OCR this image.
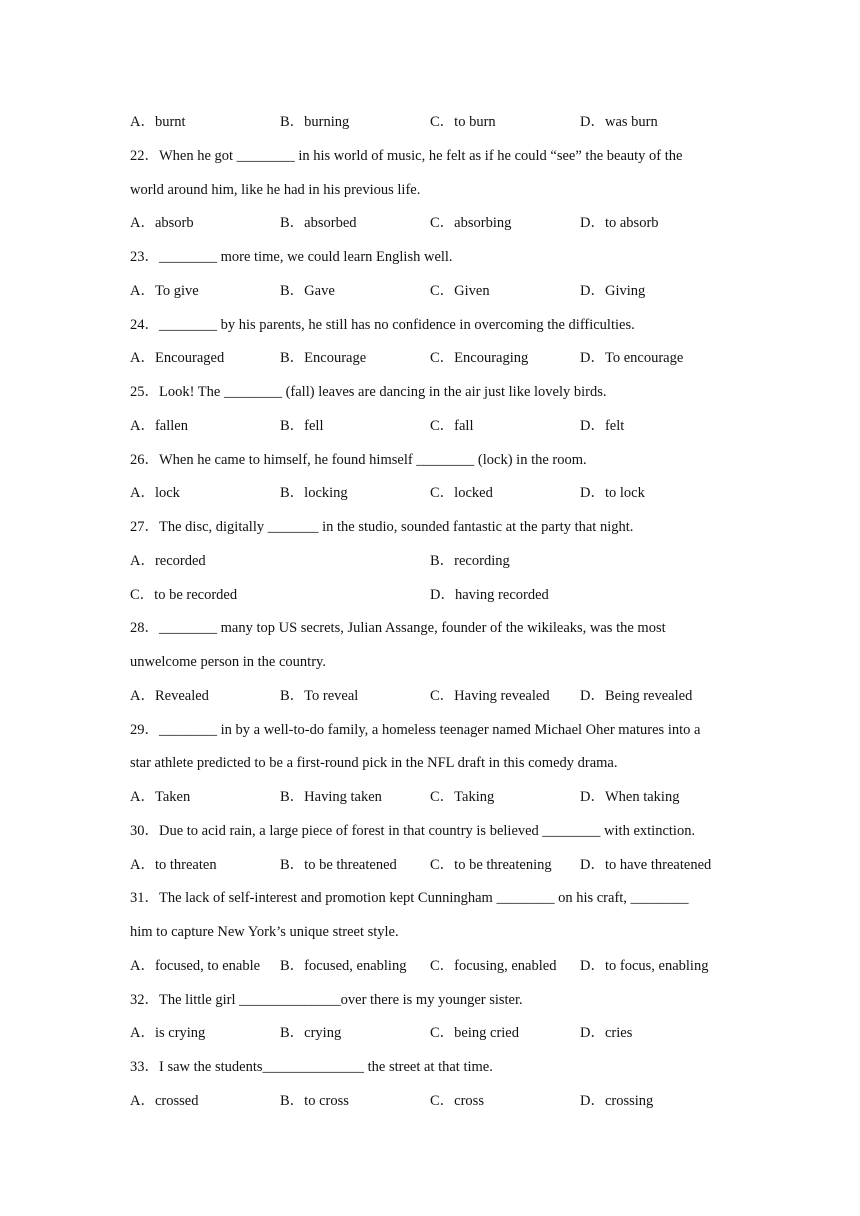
A．burnt	B．burning	C．to burn	D．was burn
22．When he got ________ in his world of music, he felt as if he could “see” the beauty of the
world around him, like he had in his previous life.
A．absorb	B．absorbed	C．absorbing	D．to absorb
23．________ more time, we could learn English well.
A．To give	B．Gave	C．Given	D．Giving
24．________ by his parents, he still has no confidence in overcoming the difficulties.
A．Encouraged	B．Encourage	C．Encouraging	D．To encourage
25．Look! The ________ (fall) leaves are dancing in the air just like lovely birds.
A．fallen	B．fell	C．fall	D．felt
26．When he came to himself, he found himself ________ (lock) in the room.
A．lock	B．locking	C．locked	D．to lock
27．The disc, digitally _______ in the studio, sounded fantastic at the party that night.
A．recorded	B．recording
C．to be recorded	D．having recorded
28．________ many top US secrets, Julian Assange, founder of the wikileaks, was the most
unwelcome person in the country.
A．Revealed	B．To reveal	C．Having revealed	D．Being revealed
29．________ in by a well-to-do family, a homeless teenager named Michael Oher matures into a
star athlete predicted to be a first-round pick in the NFL draft in this comedy drama.
A．Taken	B．Having taken	C．Taking	D．When taking
30．Due to acid rain, a large piece of forest in that country is believed ________ with extinction.
A．to threaten	B．to be threatened	C．to be threatening	D．to have threatened
31．The lack of self-interest and promotion kept Cunningham ________ on his craft, ________
him to capture New York’s unique street style.
A．focused, to enable	B．focused, enabling	C．focusing, enabled	D．to focus, enabling
32．The little girl ______________over there is my younger sister.
A．is crying	B．crying	C．being cried	D．cries
33．I saw the students______________ the street at that time.
A．crossed	B．to cross	C．cross	D．crossing
